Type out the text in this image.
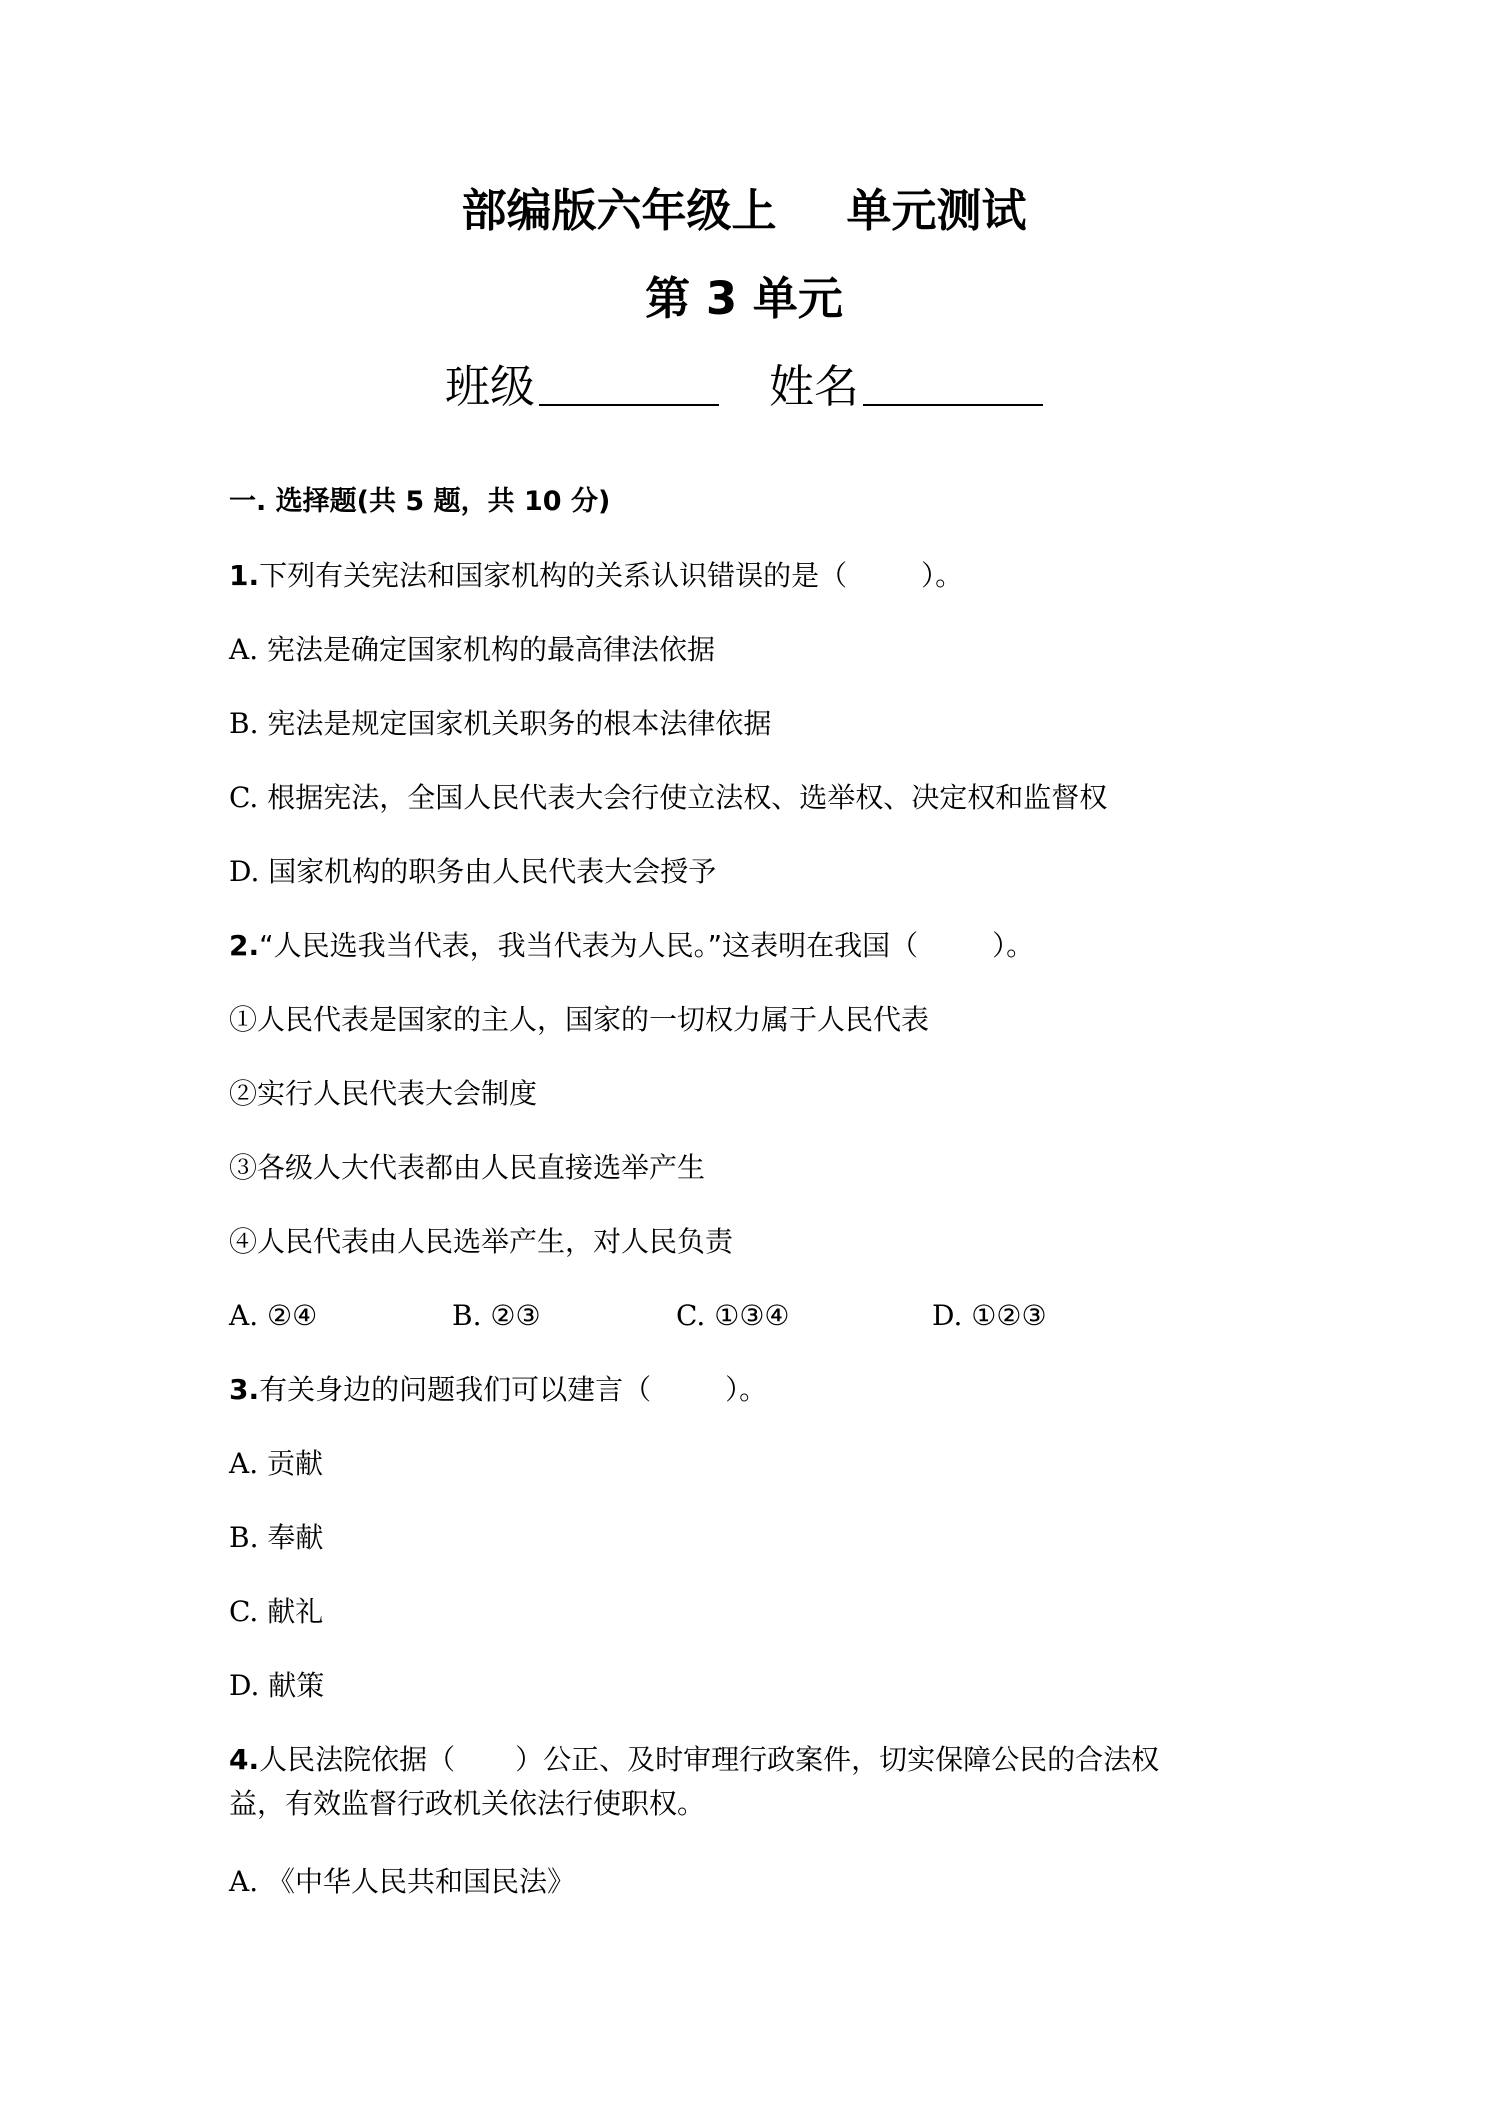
部编版六年级上 单元测试
第 3 单元
班级	姓名
一. 选择题(共 5 题，共 10 分)
1.下列有关宪法和国家机构的关系认识错误的是（	）。
A. 宪法是确定国家机构的最高律法依据
B. 宪法是规定国家机关职务的根本法律依据
C. 根据宪法，全国人民代表大会行使立法权、选举权、决定权和监督权
D. 国家机构的职务由人民代表大会授予
2.“人民选我当代表，我当代表为人民。”这表明在我国（	）。
①人民代表是国家的主人，国家的一切权力属于人民代表
②实行人民代表大会制度
③各级人大代表都由人民直接选举产生
④人民代表由人民选举产生，对人民负责
A. ②④	B. ②③	C. ①③④	D. ①②③
3.有关身边的问题我们可以建言（	）。
A. 贡献
B. 奉献
C. 献礼
D. 献策
4.人民法院依据（ ）公正、及时审理行政案件，切实保障公民的合法权
益，有效监督行政机关依法行使职权。
A. 《中华人民共和国民法》
